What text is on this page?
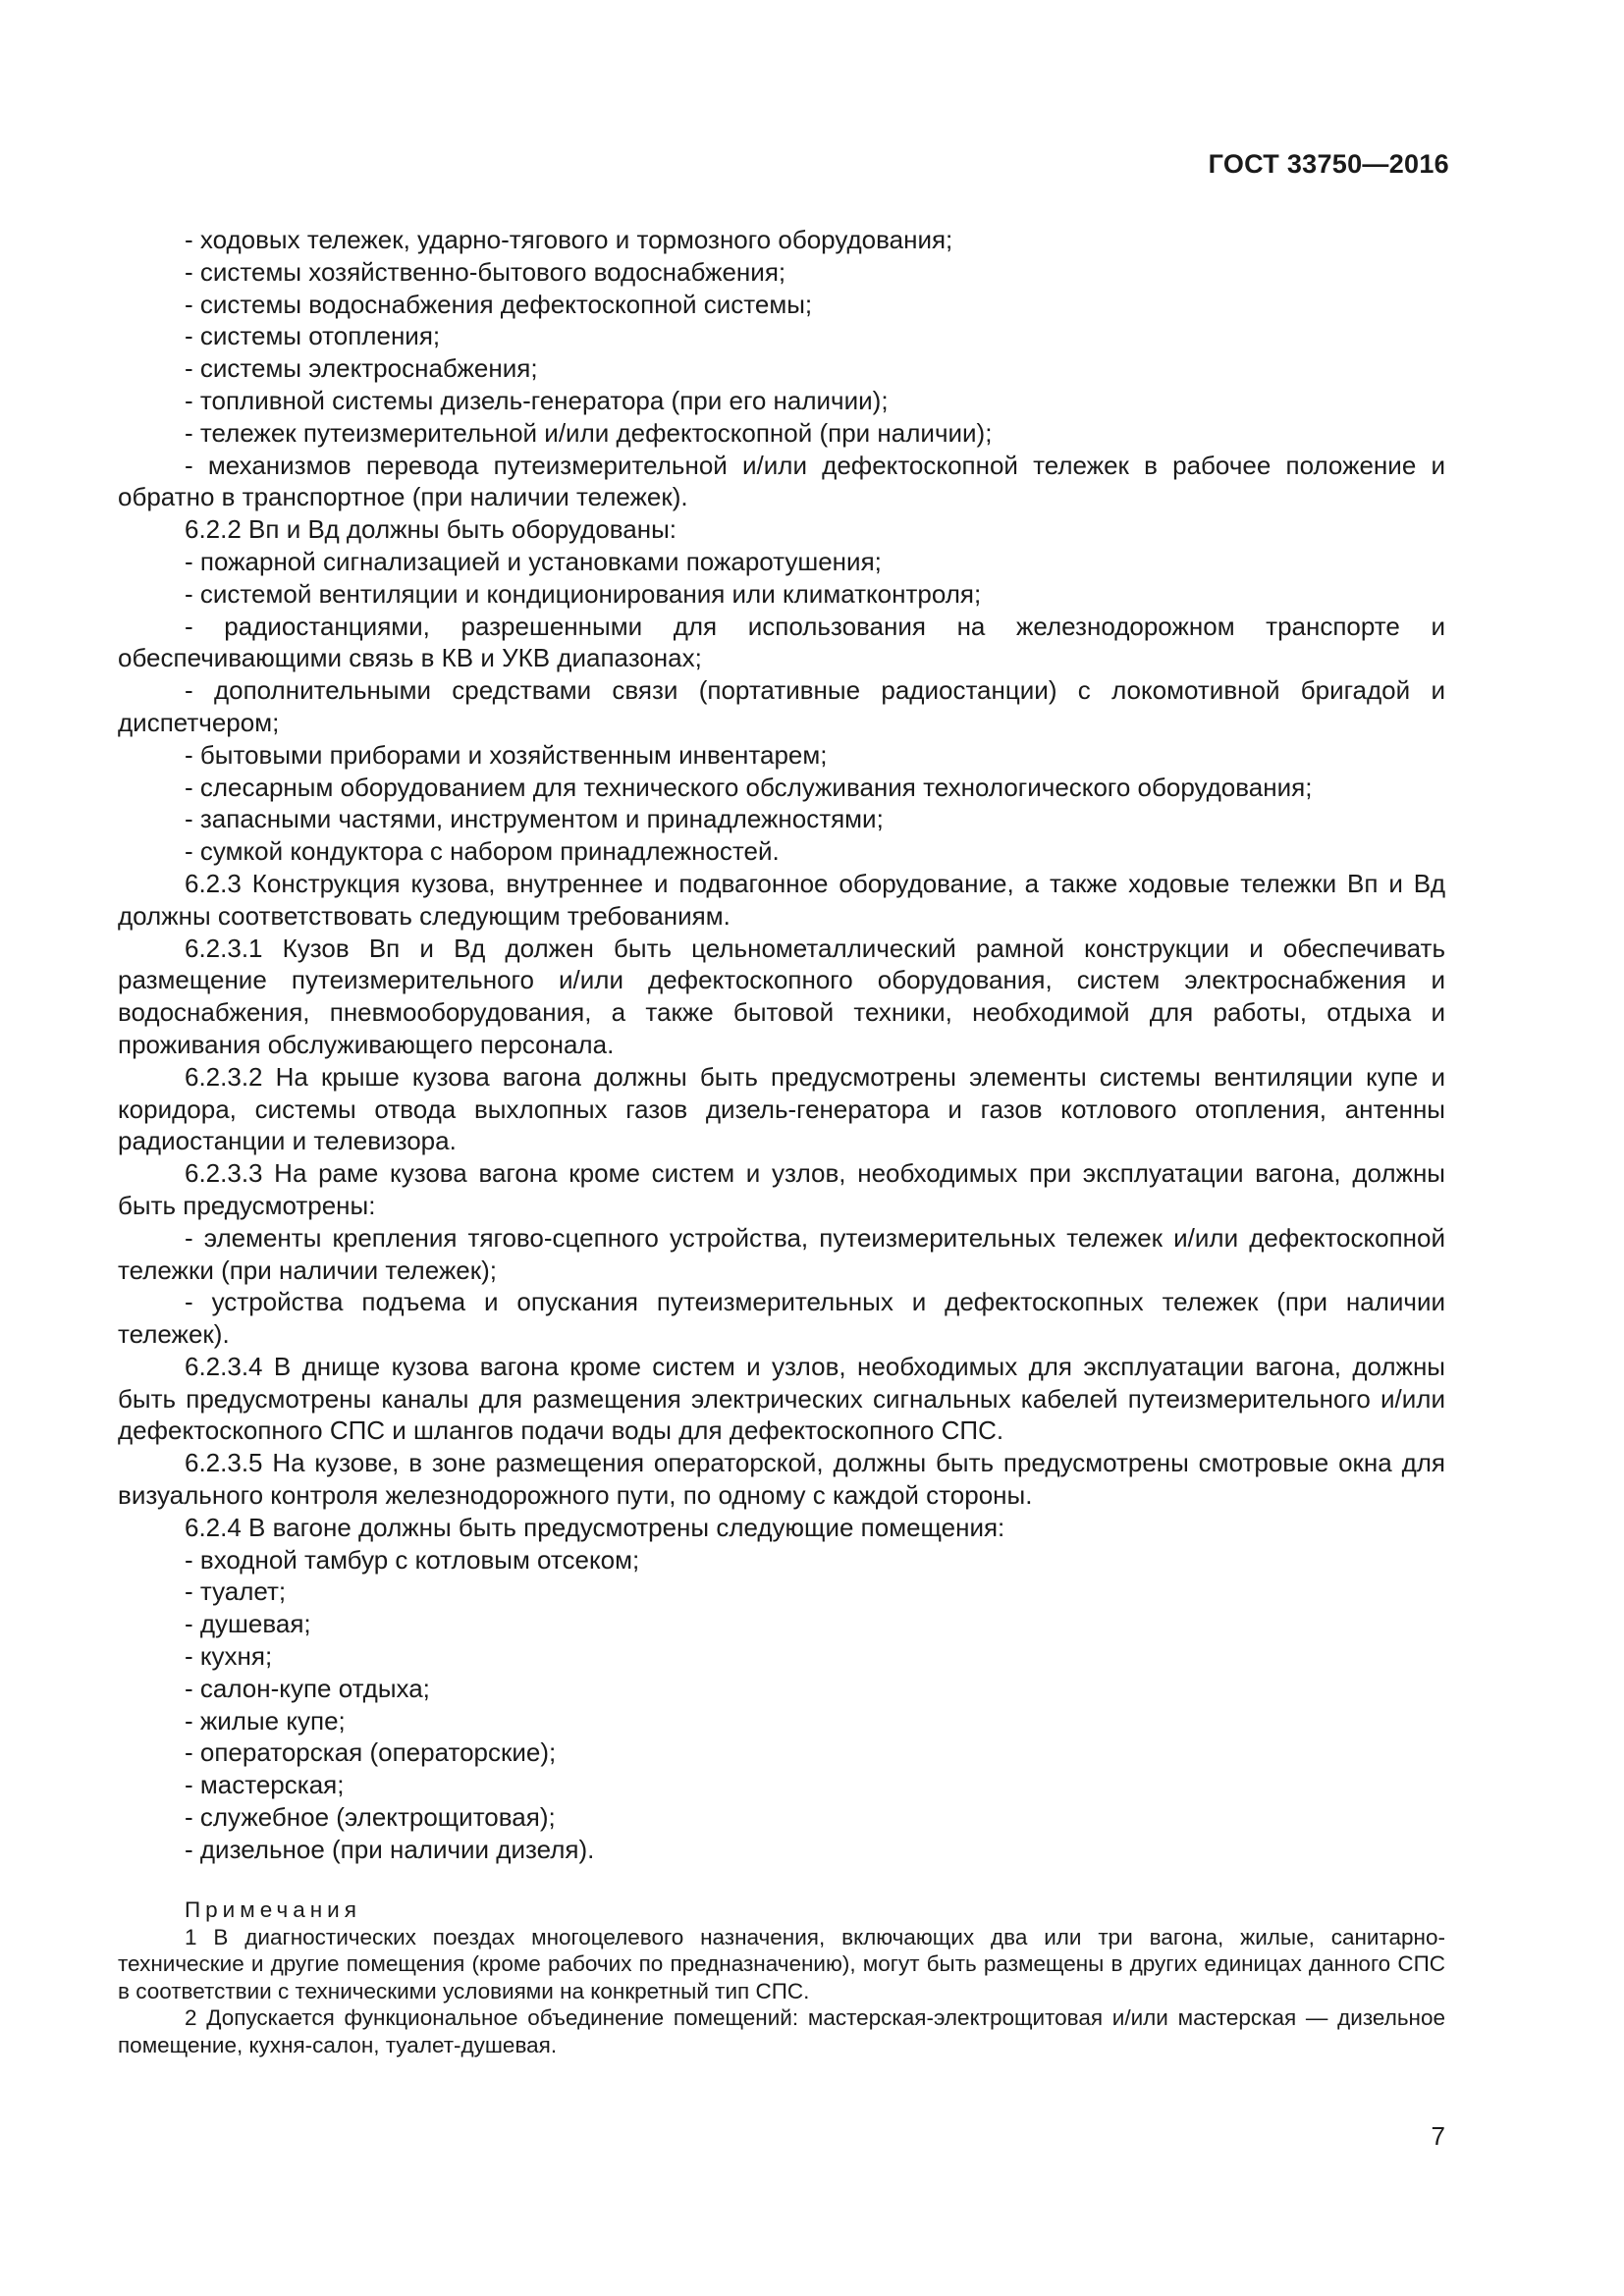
ГОСТ 33750—2016

- ходовых тележек, ударно-тягового и тормозного оборудования;

- системы хозяйственно-бытового водоснабжения;

- системы водоснабжения дефектоскопной системы;

- системы отопления;

- системы электроснабжения;

- топливной системы дизель-генератора (при его наличии);

- тележек путеизмерительной и/или дефектоскопной (при наличии);

- механизмов перевода путеизмерительной и/или дефектоскопной тележек в рабочее положение и обратно в транспортное (при наличии тележек).

6.2.2 Вп и Вд должны быть оборудованы:

- пожарной сигнализацией и установками пожаротушения;

- системой вентиляции и кондиционирования или климатконтроля;

- радиостанциями, разрешенными для использования на железнодорожном транспорте и обеспечивающими связь в КВ и УКВ диапазонах;

- дополнительными средствами связи (портативные радиостанции) с локомотивной бригадой и диспетчером;

- бытовыми приборами и хозяйственным инвентарем;

- слесарным оборудованием для технического обслуживания технологического оборудования;

- запасными частями, инструментом и принадлежностями;

- сумкой кондуктора с набором принадлежностей.

6.2.3 Конструкция кузова, внутреннее и подвагонное оборудование, а также ходовые тележки Вп и Вд должны соответствовать следующим требованиям.

6.2.3.1 Кузов Вп и Вд должен быть цельнометаллический рамной конструкции и обеспечивать размещение путеизмерительного и/или дефектоскопного оборудования, систем электроснабжения и водоснабжения, пневмооборудования, а также бытовой техники, необходимой для работы, отдыха и проживания обслуживающего персонала.

6.2.3.2 На крыше кузова вагона должны быть предусмотрены элементы системы вентиляции купе и коридора, системы отвода выхлопных газов дизель-генератора и газов котлового отопления, антенны радиостанции и телевизора.

6.2.3.3 На раме кузова вагона кроме систем и узлов, необходимых при эксплуатации вагона, должны быть предусмотрены:

- элементы крепления тягово-сцепного устройства, путеизмерительных тележек и/или дефектоскопной тележки (при наличии тележек);

- устройства подъема и опускания путеизмерительных и дефектоскопных тележек (при наличии тележек).

6.2.3.4 В днище кузова вагона кроме систем и узлов, необходимых для эксплуатации вагона, должны быть предусмотрены каналы для размещения электрических сигнальных кабелей путеизмерительного и/или дефектоскопного СПС и шлангов подачи воды для дефектоскопного СПС.

6.2.3.5 На кузове, в зоне размещения операторской, должны быть предусмотрены смотровые окна для визуального контроля железнодорожного пути, по одному с каждой стороны.

6.2.4 В вагоне должны быть предусмотрены следующие помещения:

- входной тамбур с котловым отсеком;

- туалет;

- душевая;

- кухня;

- салон-купе отдыха;

- жилые купе;

- операторская (операторские);

- мастерская;

- служебное (электрощитовая);

- дизельное (при наличии дизеля).

Примечания

1 В диагностических поездах многоцелевого назначения, включающих два или три вагона, жилые, санитарно-технические и другие помещения (кроме рабочих по предназначению), могут быть размещены в других единицах данного СПС в соответствии с техническими условиями на конкретный тип СПС.

2 Допускается функциональное объединение помещений: мастерская-электрощитовая и/или мастерская — дизельное помещение, кухня-салон, туалет-душевая.

7
